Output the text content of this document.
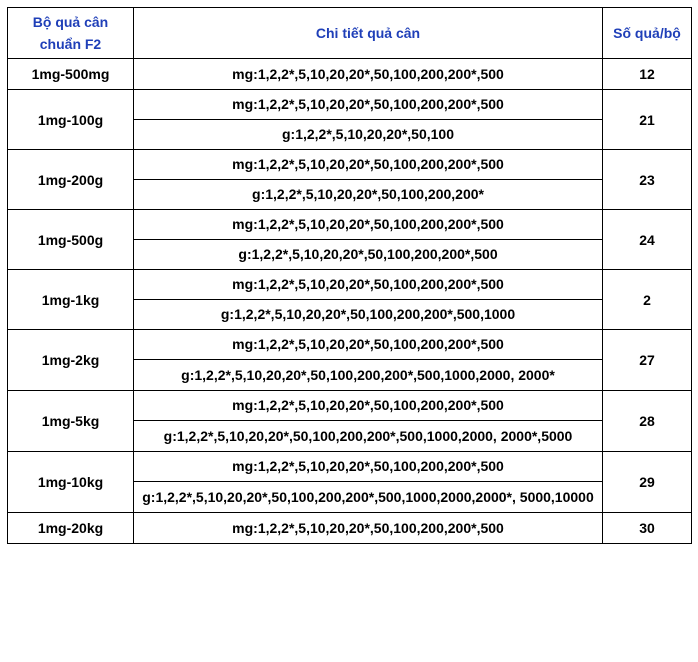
Bộ quả cân chuẩn F2	Chi tiết quả cân	Số quả/bộ
1mg-500mg	mg:1,2,2*,5,10,20,20*,50,100,200,200*,500	12
1mg-100g	mg:1,2,2*,5,10,20,20*,50,100,200,200*,500	21
	g:1,2,2*,5,10,20,20*,50,100	
1mg-200g	mg:1,2,2*,5,10,20,20*,50,100,200,200*,500	23
	g:1,2,2*,5,10,20,20*,50,100,200,200*	
1mg-500g	mg:1,2,2*,5,10,20,20*,50,100,200,200*,500	24
	g:1,2,2*,5,10,20,20*,50,100,200,200*,500	
1mg-1kg	mg:1,2,2*,5,10,20,20*,50,100,200,200*,500	2
	g:1,2,2*,5,10,20,20*,50,100,200,200*,500,1000	
1mg-2kg	mg:1,2,2*,5,10,20,20*,50,100,200,200*,500	27
	g:1,2,2*,5,10,20,20*,50,100,200,200*,500,1000,2000, 2000*	
1mg-5kg	mg:1,2,2*,5,10,20,20*,50,100,200,200*,500	28
	g:1,2,2*,5,10,20,20*,50,100,200,200*,500,1000,2000, 2000*,5000	
1mg-10kg	mg:1,2,2*,5,10,20,20*,50,100,200,200*,500	29
	g:1,2,2*,5,10,20,20*,50,100,200,200*,500,1000,2000,2000*, 5000,10000	
1mg-20kg	mg:1,2,2*,5,10,20,20*,50,100,200,200*,500	30
